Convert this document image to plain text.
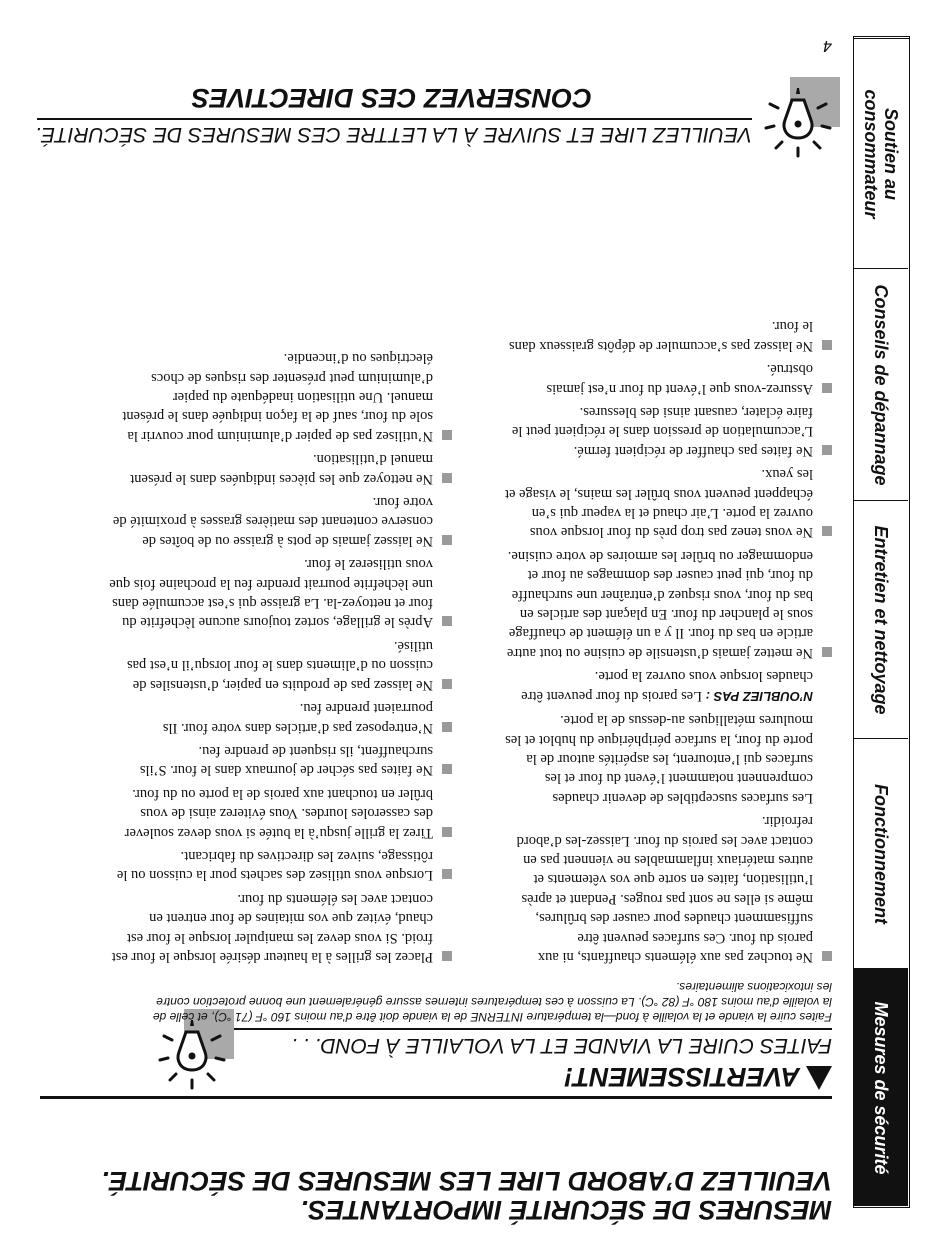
MESURES DE SÉCURITÉ IMPORTANTES.
VEUILLEZ D’ABORD LIRE LES MESURES DE SÉCURITÉ.
AVERTISSEMENT!
FAITES CUIRE LA VIANDE ET LA VOLAILLE À FOND. . .
Faites cuire la viande et la volaille à fond—la température INTERNE de la viande doit être d’au moins 160 °F (71 °C), et celle de la volaille d’au moins 180 °F (82 °C). La cuisson à ces températures internes assure généralement une bonne protection contre les intoxications alimentaires.
Ne touchez pas aux éléments chauffants, ni aux parois du four. Ces surfaces peuvent être suffisamment chaudes pour causer des brûlures, même si elles ne sont pas rouges. Pendant et après l’utilisation, faites en sorte que vos vêtements et autres matériaux inflammables ne viennent pas en contact avec les parois du four. Laissez-les d’abord refroidir.
Les surfaces susceptibles de devenir chaudes comprennent notamment l’évent du four et les surfaces qui l’entourent, les aspérités autour de la porte du four, la surface périphérique du hublot et les moulures métalliques au-dessus de la porte.
N’OUBLIEZ PAS : Les parois du four peuvent être chaudes lorsque vous ouvrez la porte.
Ne mettez jamais d’ustensile de cuisine ou tout autre article en bas du four. Il y a un élément de chauffage sous le plancher du four. En plaçant des articles en bas du four, vous risquez d’entraîner une surchauffe du four, qui peut causer des dommages au four et endommager ou brûler les armoires de votre cuisine.
Ne vous tenez pas trop près du four lorsque vous ouvrez la porte. L’air chaud et la vapeur qui s’en échappent peuvent vous brûler les mains, le visage et les yeux.
Ne faites pas chauffer de récipient fermé. L’accumulation de pression dans le récipient peut le faire éclater, causant ainsi des blessures.
Assurez-vous que l’évent du four n’est jamais obstrué.
Ne laissez pas s’accumuler de dépôts graisseux dans le four.
Placez les grilles à la hauteur désirée lorsque le four est froid. Si vous devez les manipuler lorsque le four est chaud, évitez que vos mitaines de four entrent en contact avec les éléments du four.
Lorsque vous utilisez des sachets pour la cuisson ou le rôtissage, suivez les directives du fabricant.
Tirez la grille jusqu’à la butée si vous devez soulever des casseroles lourdes. Vous éviterez ainsi de vous brûler en touchant aux parois de la porte ou du four.
Ne faites pas sécher de journaux dans le four. S’ils surchauffent, ils risquent de prendre feu.
N’entreposez pas d’articles dans votre four. Ils pourraient prendre feu.
Ne laissez pas de produits en papier, d’ustensiles de cuisson ou d’aliments dans le four lorsqu’il n’est pas utilisé.
Après le grillage, sortez toujours aucune lèchefrite du four et nettoyez-la. La graisse qui s’est accumulée dans une lèchefrite pourrait prendre feu la prochaine fois que vous utiliserez le four.
Ne laissez jamais de pots à graisse ou de boîtes de conserve contenant des matières grasses à proximité de votre four.
Ne nettoyez que les pièces indiquées dans le présent manuel d’utilisation.
N’utilisez pas de papier d’aluminium pour couvrir la sole du four, sauf de la façon indiquée dans le présent manuel. Une utilisation inadéquate du papier d’aluminium peut présenter des risques de chocs électriques ou d’incendie.
VEUILLEZ LIRE ET SUIVRE À LA LETTRE CES MESURES DE SÉCURITÉ.
CONSERVEZ CES DIRECTIVES
4
Soutien au consommateur
Conseils de dépannage
Entretien et nettoyage
Fonctionnement
Mesures de sécurité
